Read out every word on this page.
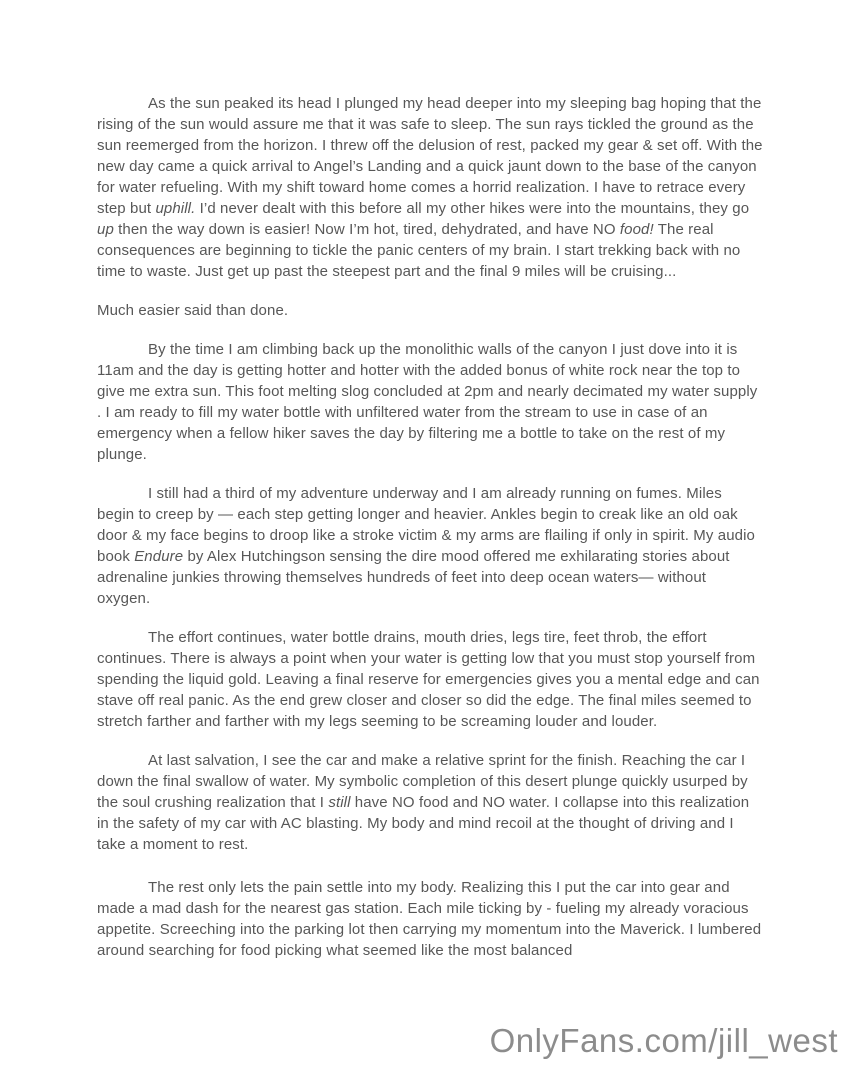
As the sun peaked its head I plunged my head deeper into my sleeping bag hoping that the rising of the sun would assure me that it was safe to sleep. The sun rays tickled the ground as the sun reemerged from the horizon. I threw off the delusion of rest, packed my gear & set off. With the new day came a quick arrival to Angel’s Landing and a quick jaunt down to the base of the canyon for water refueling. With my shift toward home comes a horrid realization. I have to retrace every step but uphill. I’d never dealt with this before all my other hikes were into the mountains, they go up then the way down is easier! Now I’m hot, tired, dehydrated, and have NO food! The real consequences are beginning to tickle the panic centers of my brain. I start trekking back with no time to waste. Just get up past the steepest part and the final 9 miles will be cruising...

Much easier said than done.

By the time I am climbing back up the monolithic walls of the canyon I just dove into it is 11am and the day is getting hotter and hotter with the added bonus of white rock near the top to give me extra sun. This foot melting slog concluded at 2pm and nearly decimated my water supply . I am ready to fill my water bottle with unfiltered water from the stream to use in case of an emergency when a fellow hiker saves the day by filtering me a bottle to take on the rest of my plunge.

I still had a third of my adventure underway and I am already running on fumes. Miles begin to creep by — each step getting longer and heavier. Ankles begin to creak like an old oak door & my face begins to droop like a stroke victim & my arms are flailing if only in spirit. My audio book Endure by Alex Hutchingson sensing the dire mood offered me exhilarating stories about adrenaline junkies throwing themselves hundreds of feet into deep ocean waters— without oxygen.

The effort continues, water bottle drains, mouth dries, legs tire, feet throb, the effort continues. There is always a point when your water is getting low that you must stop yourself from spending the liquid gold. Leaving a final reserve for emergencies gives you a mental edge and can stave off real panic. As the end grew closer and closer so did the edge. The final miles seemed to stretch farther and farther with my legs seeming to be screaming louder and louder.

At last salvation, I see the car and make a relative sprint for the finish. Reaching the car I down the final swallow of water. My symbolic completion of this desert plunge quickly usurped by the soul crushing realization that I still have NO food and NO water. I collapse into this realization in the safety of my car with AC blasting. My body and mind recoil at the thought of driving and I take a moment to rest.

The rest only lets the pain settle into my body. Realizing this I put the car into gear and made a mad dash for the nearest gas station. Each mile ticking by - fueling my already voracious appetite. Screeching into the parking lot then carrying my momentum into the Maverick. I lumbered around searching for food picking what seemed like the most balanced

OnlyFans.com/jill_west
